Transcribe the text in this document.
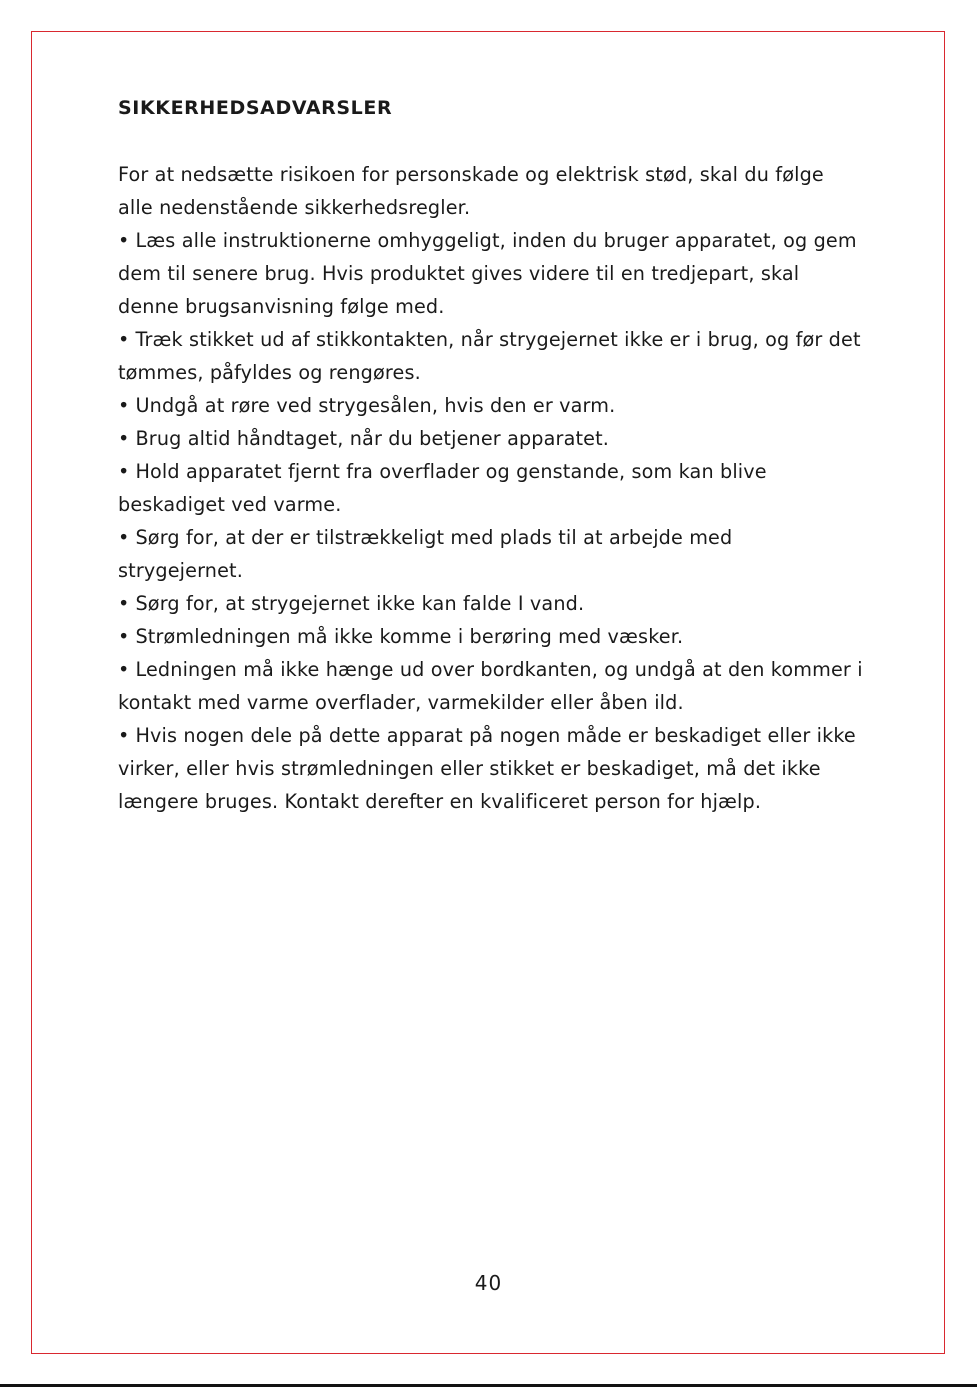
SIKKERHEDSADVARSLER

For at nedsætte risikoen for personskade og elektrisk stød, skal du følge alle nedenstående sikkerhedsregler.

• Læs alle instruktionerne omhyggeligt, inden du bruger apparatet, og gem dem til senere brug. Hvis produktet gives videre til en tredjepart, skal denne brugsanvisning følge med.
• Træk stikket ud af stikkontakten, når strygejernet ikke er i brug, og før det tømmes, påfyldes og rengøres.
• Undgå at røre ved strygesålen, hvis den er varm.
• Brug altid håndtaget, når du betjener apparatet.
• Hold apparatet fjernt fra overflader og genstande, som kan blive beskadiget ved varme.
• Sørg for, at der er tilstrækkeligt med plads til at arbejde med strygejernet.
• Sørg for, at strygejernet ikke kan falde I vand.
• Strømledningen må ikke komme i berøring med væsker.
• Ledningen må ikke hænge ud over bordkanten, og undgå at den kommer i kontakt med varme overflader, varmekilder eller åben ild.
• Hvis nogen dele på dette apparat på nogen måde er beskadiget eller ikke virker, eller hvis strømledningen eller stikket er beskadiget, må det ikke længere bruges. Kontakt derefter en kvalificeret person for hjælp.
40
